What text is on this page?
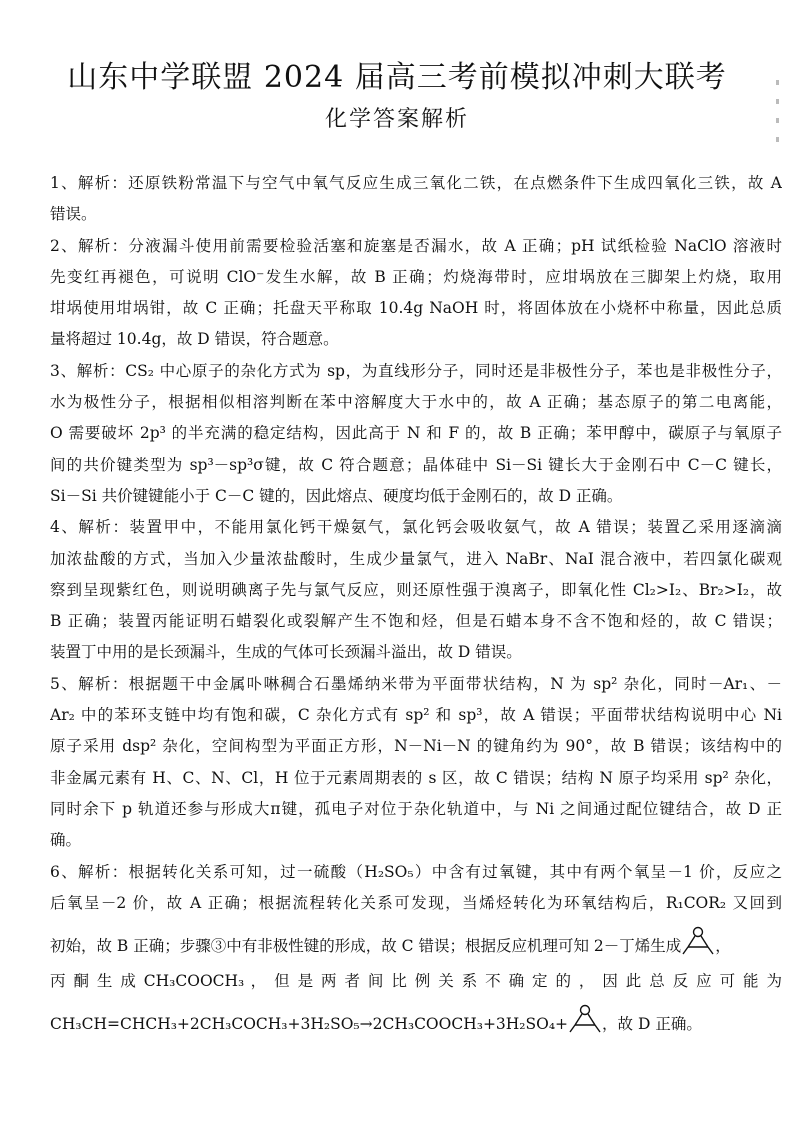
山东中学联盟 2024 届高三考前模拟冲刺大联考
化学答案解析
1、解析：还原铁粉常温下与空气中氧气反应生成三氧化二铁，在点燃条件下生成四氧化三铁，故 A
错误。
2、解析：分液漏斗使用前需要检验活塞和旋塞是否漏水，故 A 正确；pH 试纸检验 NaClO 溶液时
先变红再褪色，可说明 ClO⁻发生水解，故 B 正确；灼烧海带时，应坩埚放在三脚架上灼烧，取用
坩埚使用坩埚钳，故 C 正确；托盘天平称取 10.4g NaOH 时，将固体放在小烧杯中称量，因此总质
量将超过 10.4g，故 D 错误，符合题意。
3、解析：CS₂ 中心原子的杂化方式为 sp，为直线形分子，同时还是非极性分子，苯也是非极性分子，
水为极性分子，根据相似相溶判断在苯中溶解度大于水中的，故 A 正确；基态原子的第二电离能，
O 需要破坏 2p³ 的半充满的稳定结构，因此高于 N 和 F 的，故 B 正确；苯甲醇中，碳原子与氧原子
间的共价键类型为 sp³－sp³σ键，故 C 符合题意；晶体硅中 Si－Si 键长大于金刚石中 C－C 键长，
Si－Si 共价键键能小于 C－C 键的，因此熔点、硬度均低于金刚石的，故 D 正确。
4、解析：装置甲中，不能用氯化钙干燥氨气，氯化钙会吸收氨气，故 A 错误；装置乙采用逐滴滴
加浓盐酸的方式，当加入少量浓盐酸时，生成少量氯气，进入 NaBr、NaI 混合液中，若四氯化碳观
察到呈现紫红色，则说明碘离子先与氯气反应，则还原性强于溴离子，即氧化性 Cl₂>I₂、Br₂>I₂，故
B 正确；装置丙能证明石蜡裂化或裂解产生不饱和烃，但是石蜡本身不含不饱和烃的，故 C 错误；
装置丁中用的是长颈漏斗，生成的气体可长颈漏斗溢出，故 D 错误。
5、解析：根据题干中金属卟啉稠合石墨烯纳米带为平面带状结构，N 为 sp² 杂化，同时－Ar₁、－
Ar₂ 中的苯环支链中均有饱和碳，C 杂化方式有 sp² 和 sp³，故 A 错误；平面带状结构说明中心 Ni
原子采用 dsp² 杂化，空间构型为平面正方形，N－Ni－N 的键角约为 90°，故 B 错误；该结构中的
非金属元素有 H、C、N、Cl，H 位于元素周期表的 s 区，故 C 错误；结构 N 原子均采用 sp² 杂化，
同时余下 p 轨道还参与形成大π键，孤电子对位于杂化轨道中，与 Ni 之间通过配位键结合，故 D 正
确。
6、解析：根据转化关系可知，过一硫酸（H₂SO₅）中含有过氧键，其中有两个氧呈－1 价，反应之
后氧呈－2 价，故 A 正确；根据流程转化关系可发现，当烯烃转化为环氧结构后，R₁COR₂ 又回到
初始，故 B 正确；步骤③中有非极性键的形成，故 C 错误；根据反应机理可知 2－丁烯生成 ，
丙 酮 生 成 CH₃COOCH₃ ， 但 是 两 者 间 比 例 关 系 不 确 定 的 ， 因 此 总 反 应 可 能 为
CH₃CH=CHCH₃+2CH₃COCH₃+3H₂SO₅→2CH₃COOCH₃+3H₂SO₄+ ，故 D 正确。
